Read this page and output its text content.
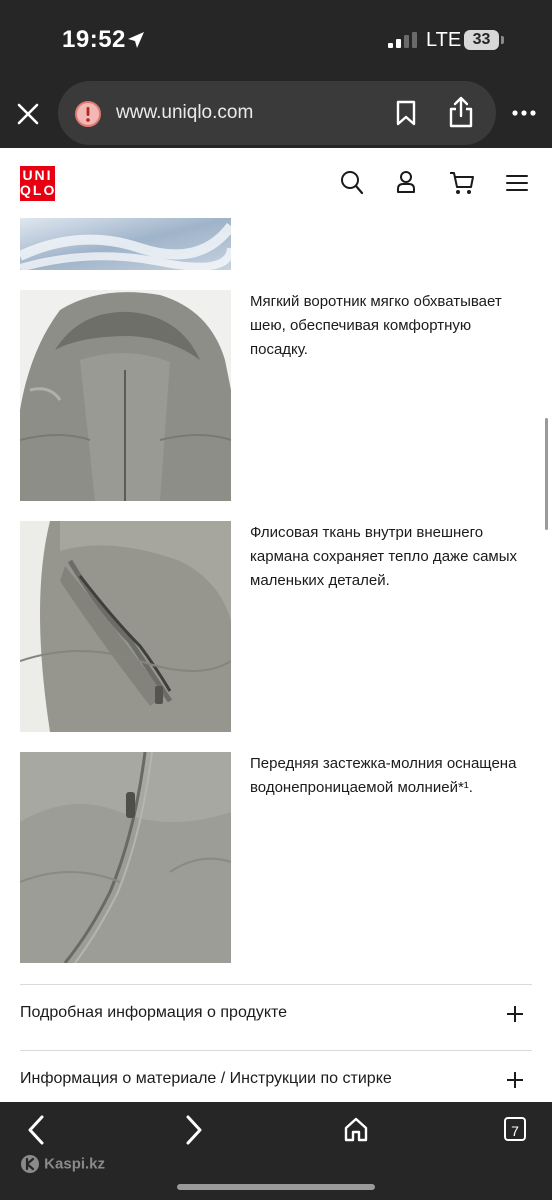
19:52	LTE 33
www.uniqlo.com
UNI
QLO
Мягкий воротник мягко обхватывает шею, обеспечивая комфортную посадку.
Флисовая ткань внутри внешнего кармана сохраняет тепло даже самых маленьких деталей.
Передняя застежка-молния оснащена водонепроницаемой молнией*¹.
Подробная информация о продукте
Информация о материале / Инструкции по стирке
7
Kaspi.kz
